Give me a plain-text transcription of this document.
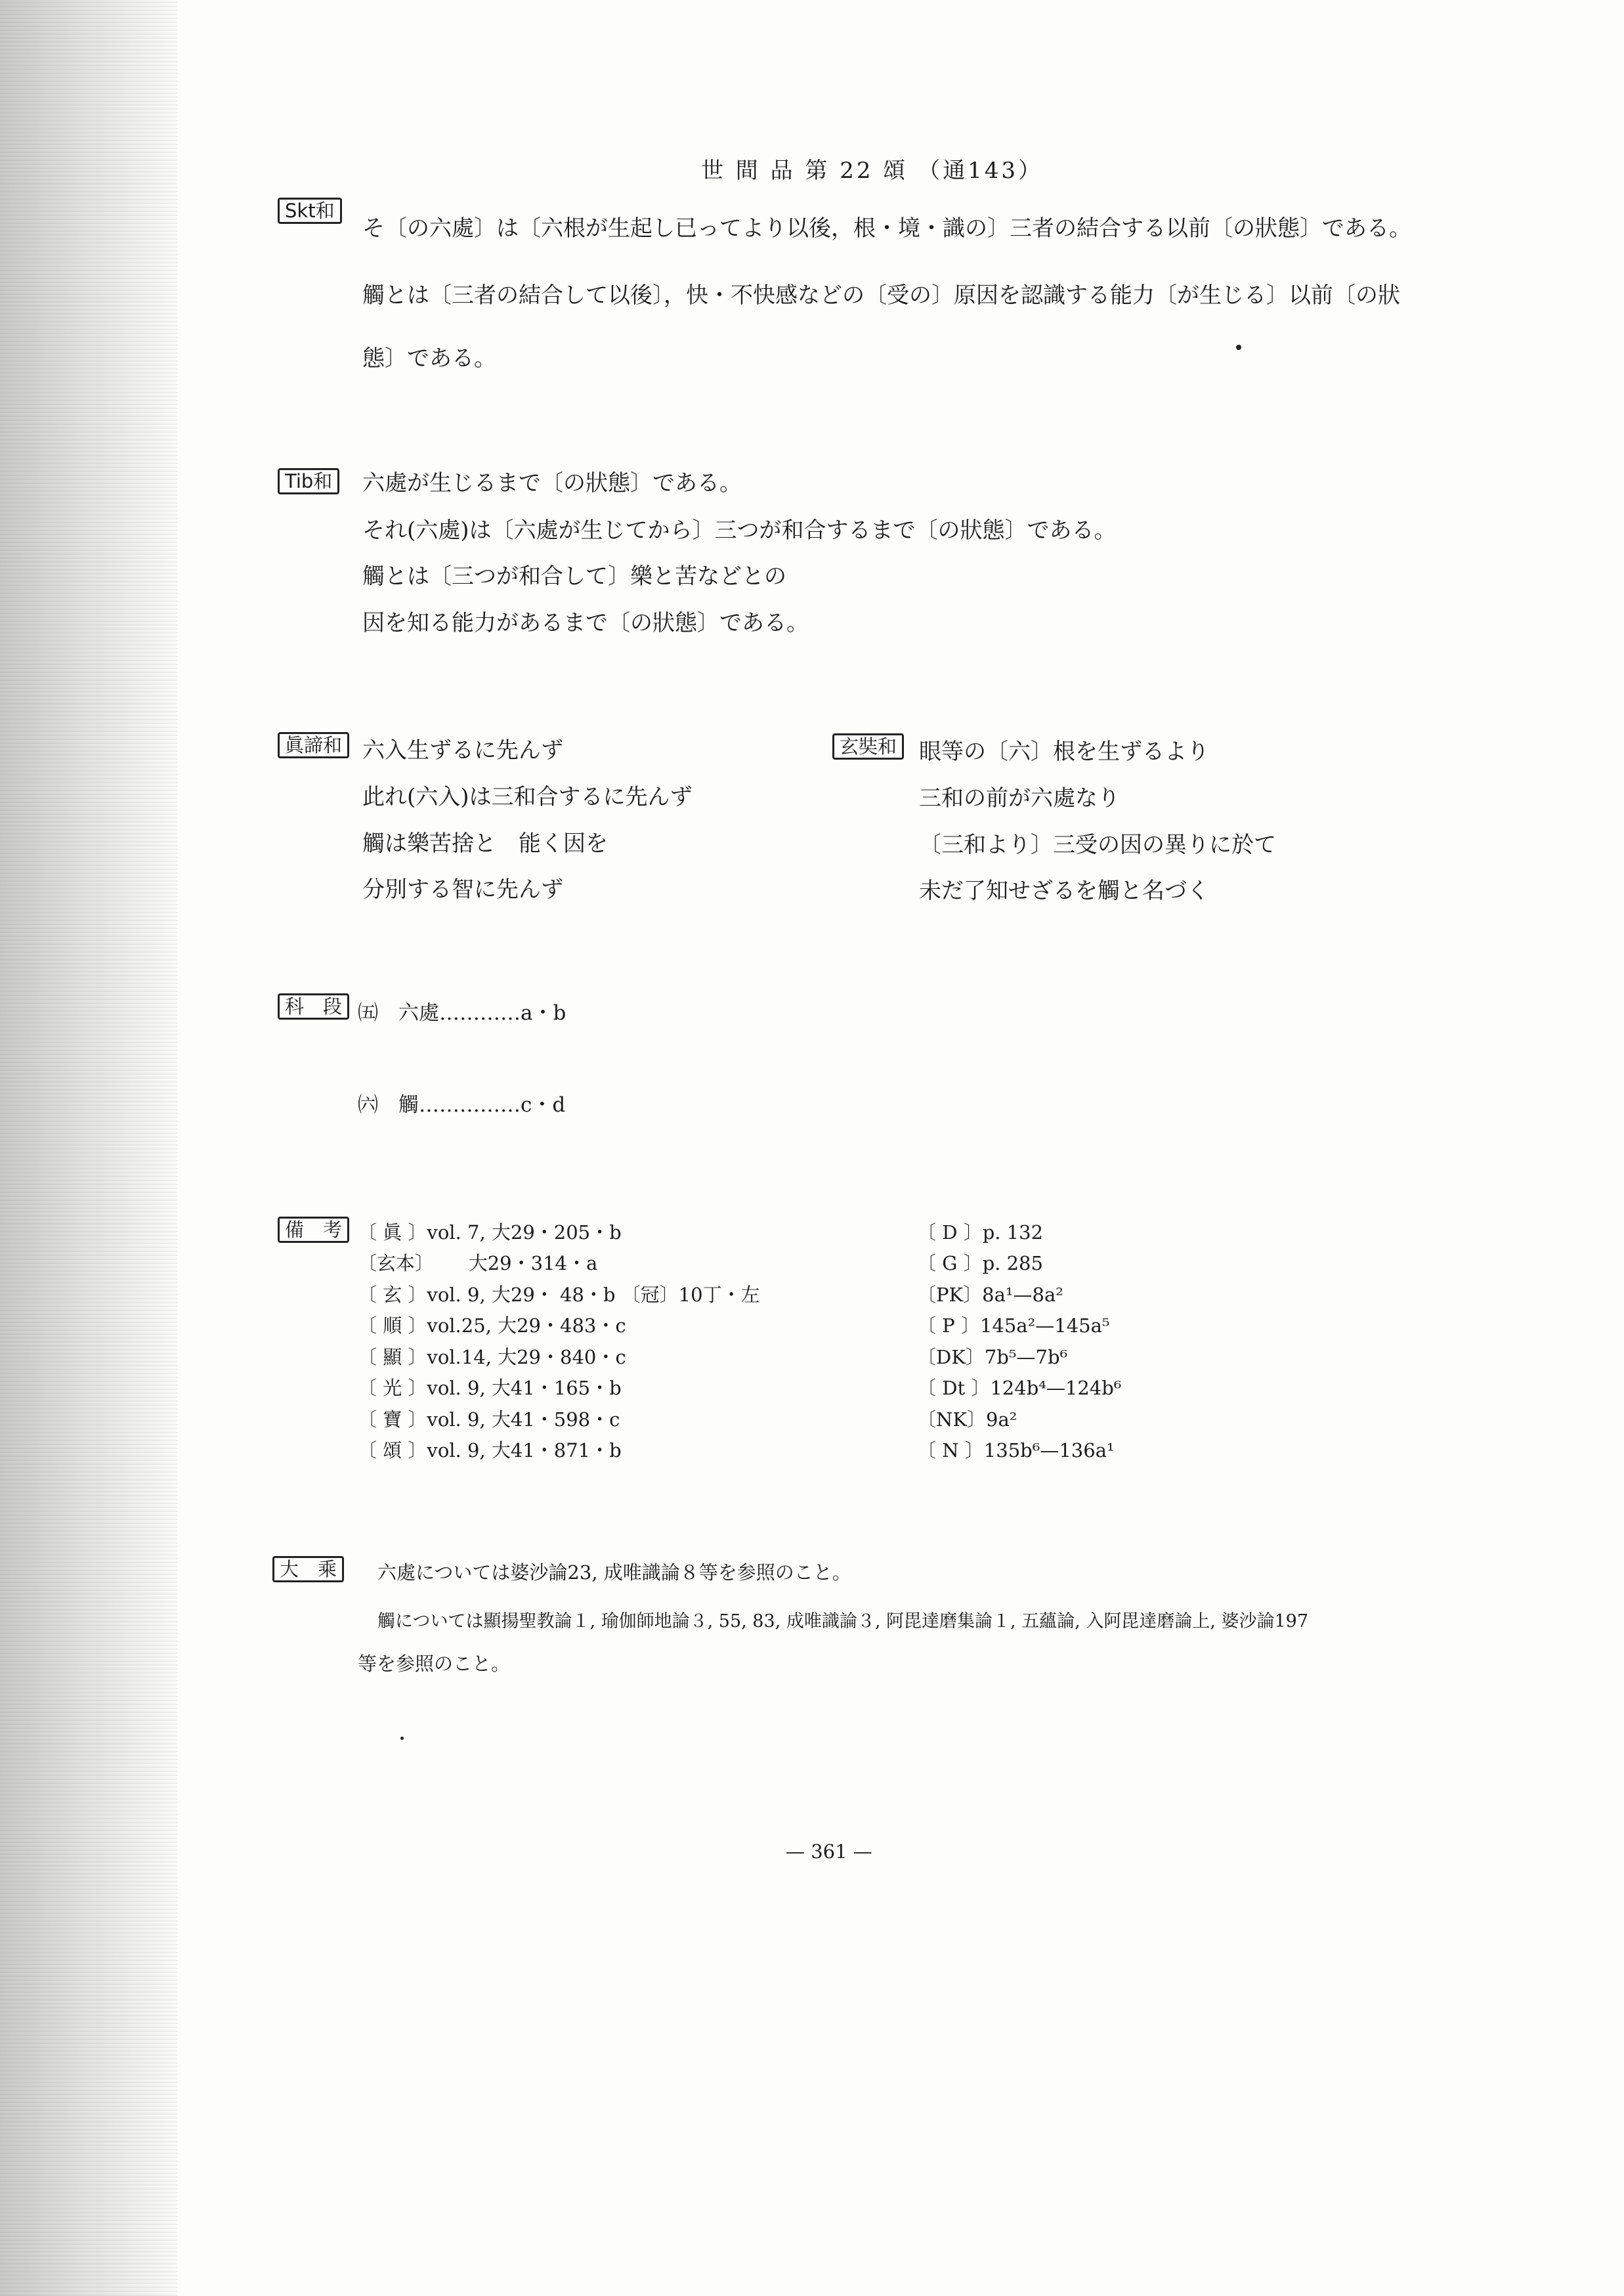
世 間 品 第 22 頌 （通143）
Skt和
そ〔の六處〕は〔六根が生起し已ってより以後，根・境・識の〕三者の結合する以前〔の狀態〕である。
觸とは〔三者の結合して以後〕，快・不快感などの〔受の〕原因を認識する能力〔が生じる〕以前〔の狀
態〕である。
Tib和	六處が生じるまで〔の狀態〕である。
それ(六處)は〔六處が生じてから〕三つが和合するまで〔の狀態〕である。
觸とは〔三つが和合して〕樂と苦などとの
因を知る能力があるまで〔の狀態〕である。
眞諦和 六入生ずるに先んず
此れ(六入)は三和合するに先んず
觸は樂苦捨と　能く因を
分別する智に先んず
玄奘和 眼等の〔六〕根を生ずるより
三和の前が六處なり
〔三和より〕三受の因の異りに於て
未だ了知せざるを觸と名づく
科　段 ㈤　六處…………a・b
㈥　觸……………c・d
備　考 〔 眞 〕vol. 7, 大29・205・b
〔玄本〕　　 大29・314・a
〔 玄 〕vol. 9, 大29・ 48・b 〔冠〕10丁・左
〔 順 〕vol.25, 大29・483・c
〔 顯 〕vol.14, 大29・840・c
〔 光 〕vol. 9, 大41・165・b
〔 寶 〕vol. 9, 大41・598・c
〔 頌 〕vol. 9, 大41・871・b
〔 D 〕p. 132
〔 G 〕p. 285
〔PK〕8a¹—8a²
〔 P 〕145a²—145a⁵
〔DK〕7b⁵—7b⁶
〔 Dt 〕124b⁴—124b⁶
〔NK〕9a²
〔 N 〕135b⁶—136a¹
大　乘	六處については婆沙論23, 成唯識論８等を参照のこと。
觸については顯揚聖教論１, 瑜伽師地論３, 55, 83, 成唯識論３, 阿毘達磨集論１, 五蘊論, 入阿毘達磨論上, 婆沙論197
等を参照のこと。
— 361 —
